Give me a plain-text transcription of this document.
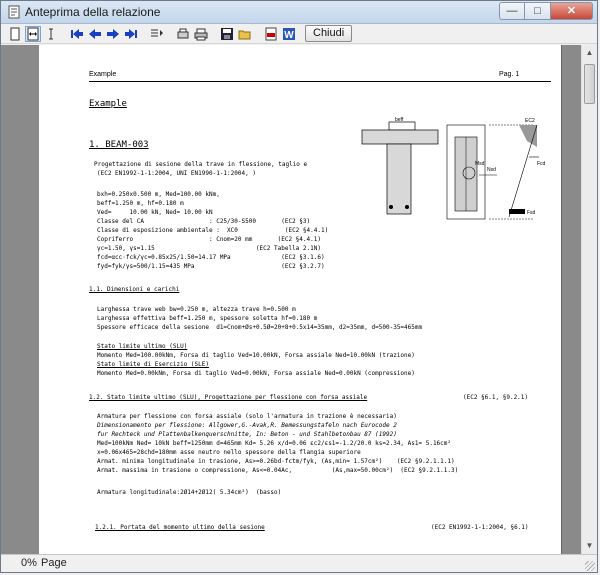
Anteprima della relazione	—	□	✕
W	Chiudi
Example	Pag. 1
Example
1. BEAM-003
Progettazione di sesione della trave in flessione, taglio e
(EC2 EN1992-1-1:2004, UNI EN1990-1-1:2004, )
bxh=0.250x0.500 m, Med=100.00 kNm,
beff=1.250 m, hf=0.180 m
Ved=     10.00 kN, Ned= 10.00 kN
Classe del CA                  : C25/30-S500       (EC2 §3)
Classe di esposizione ambientale :  XC0             (EC2 §4.4.1)
Copriferro                     : Cnom=20 mm       (EC2 §4.4.1)
γc=1.50, γs=1.15                            (EC2 Tabella 2.1N)
fcd=αcc·fck/γc=0.85x25/1.50=14.17 MPa              (EC2 §3.1.6)
fyd=fyk/γs=500/1.15=435 MPa                        (EC2 §3.2.7)
1.1. Dimensioni e carichi
Larghessa trave web bw=0.250 m, altezza trave h=0.500 m
Larghessa effettiva beff=1.250 m, spessore soletta hf=0.180 m
Spessore efficace della sesione  d1=Cnom+Øs+0.5Ø=20+8+0.5x14=35mm, d2=35mm, d=500-35=465mm
Stato limite ultimo (SLU)
Momento Med=100.00kNm, Forsa di taglio Ved=10.00kN, Forsa assiale Ned=10.00kN (trazione)
Stato limite di Esercizio (SLE)
Momento Med=0.00kNm, Forsa di taglio Ved=0.00kN, Forsa assiale Ned=0.00kN (compressione)
1.2. Stato limite ultimo (SLU), Progettazione per flessione con forsa assiale	(EC2 §6.1, §9.2.1)
Armatura per flessione con forsa assiale (solo l'armatura in trazione è necessaria)
Dimensionamento per flessione: Allgower,G.-Avak,R. Bemessungstafeln nach Eurocode 2
fur Rechteck und Plattenbalkenquerschnitte, In: Beton - und Stahlbetonbau 87 (1992)
Med=100kNm Ned= 10kN beff=1250mm d=465mm Kd= 5.26 x/d=0.06 εc2/εs1=-1.2/20.0 ks=2.34, As1= 5.16cm²
x=0.06x465=28chd=180mm asse neutro nello spessore della flangia superiore
Armat. minima longitudinale in trasione, As>=0.26bd·fctm/fyk, (As,min= 1.57cm²)    (EC2 §9.2.1.1.1)
Armat. massima in trasione o compressione, As<=0.04Ac,           (As,max=50.00cm²)  (EC2 §9.2.1.1.3)
Armatura longitudinale:2Ø14+2Ø12( 5.34cm²)  (basso)
1.2.1. Portata del momento ultimo della sesione	(EC2 EN1992-1-1:2004, §6.1)
beff
Msd
Nsd
EC2
Fcd
Fsd
▲
▼
0% Page
